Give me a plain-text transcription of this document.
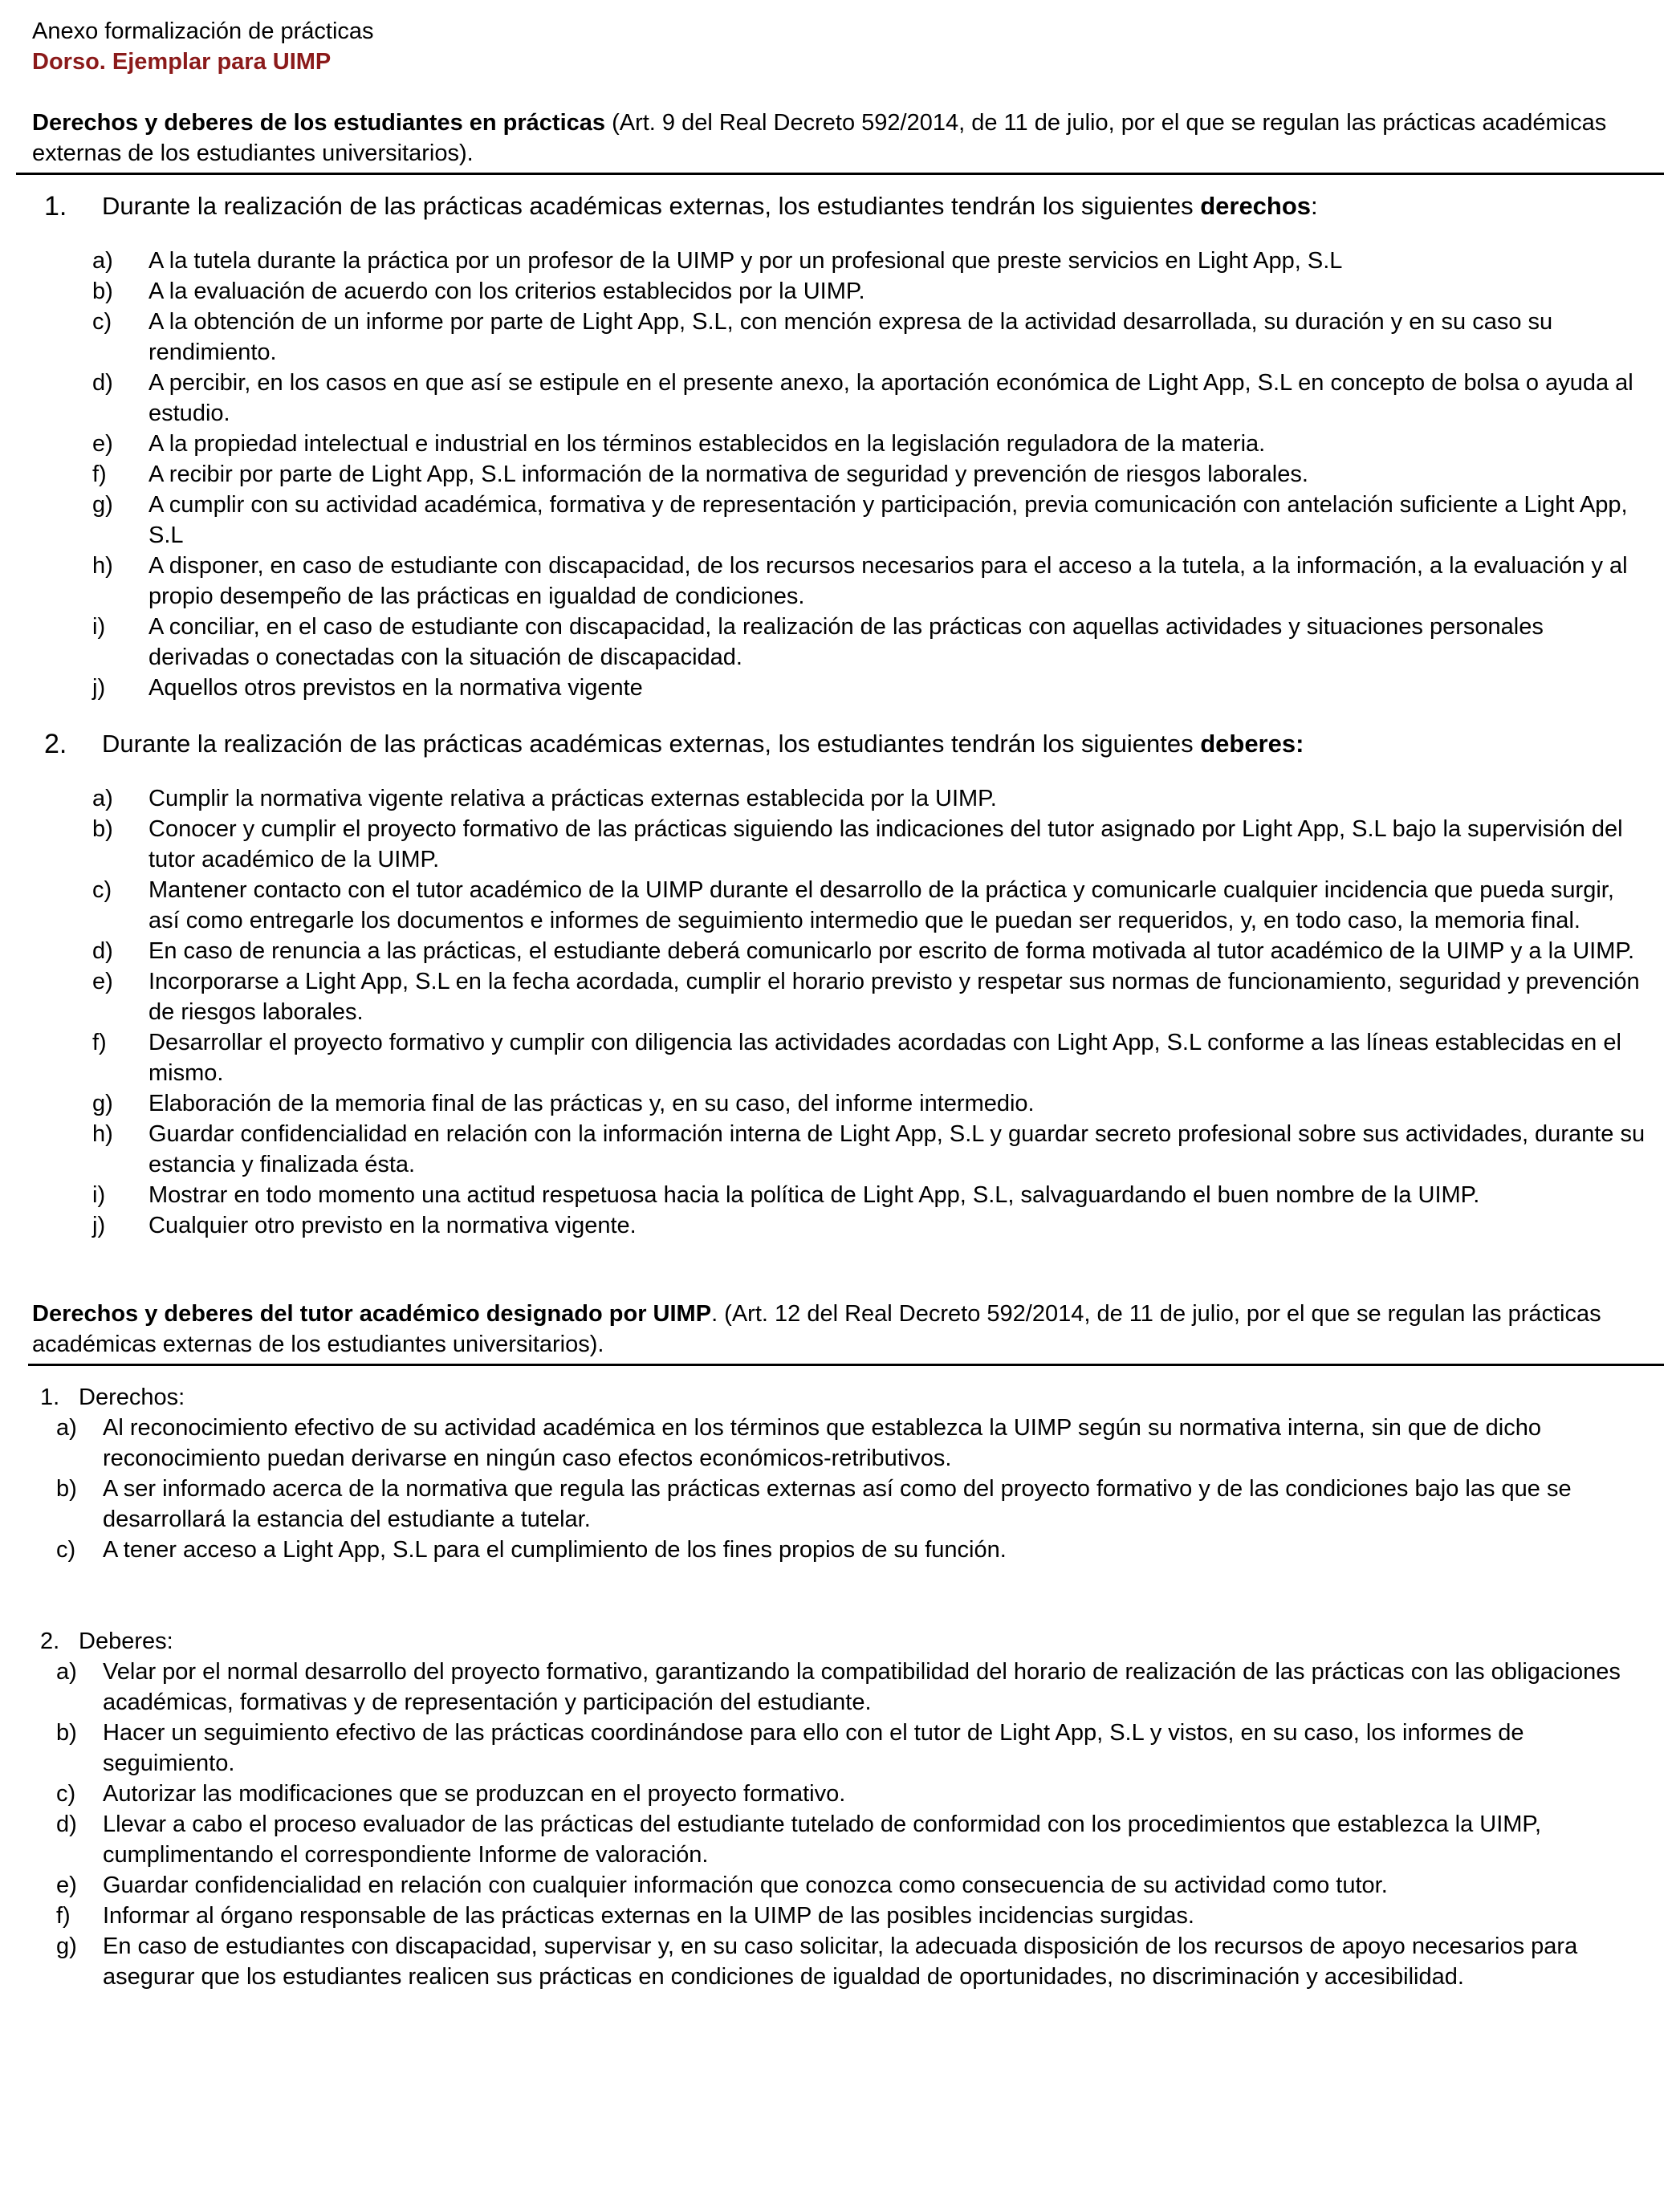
Anexo formalización de prácticas

Dorso. Ejemplar para UIMP

Derechos y deberes de los estudiantes en prácticas (Art. 9 del Real Decreto 592/2014, de 11 de julio, por el que se regulan las prácticas académicas externas de los estudiantes universitarios).

1.	Durante la realización de las prácticas académicas externas, los estudiantes tendrán los siguientes derechos:
a)	A la tutela durante la práctica por un profesor de la UIMP y por un profesional que preste servicios en Light App, S.L
b)	A la evaluación de acuerdo con los criterios establecidos por la UIMP.
c)	A la obtención de un informe por parte de Light App, S.L, con mención expresa de la actividad desarrollada, su duración y en su caso su rendimiento.
d)	A percibir, en los casos en que así se estipule en el presente anexo, la aportación económica de Light App, S.L en concepto de bolsa o ayuda al estudio.
e)	A la propiedad intelectual e industrial en los términos establecidos en la legislación reguladora de la materia.
f)	A recibir por parte de Light App, S.L información de la normativa de seguridad y prevención de riesgos laborales.
g)	A cumplir con su actividad académica, formativa y de representación y participación, previa comunicación con antelación suficiente a Light App, S.L
h)	A disponer, en caso de estudiante con discapacidad, de los recursos necesarios para el acceso a la tutela, a la información, a la evaluación y al propio desempeño de las prácticas en igualdad de condiciones.
i)	A conciliar, en el caso de estudiante con discapacidad, la realización de las prácticas con aquellas actividades y situaciones personales derivadas o conectadas con la situación de discapacidad.
j)	Aquellos otros previstos en la normativa vigente
2.	Durante la realización de las prácticas académicas externas, los estudiantes tendrán los siguientes deberes:
a)	Cumplir la normativa vigente relativa a prácticas externas establecida por la UIMP.
b)	Conocer y cumplir el proyecto formativo de las prácticas siguiendo las indicaciones del tutor asignado por Light App, S.L bajo la supervisión del tutor académico de la UIMP.
c)	Mantener contacto con el tutor académico de la UIMP durante el desarrollo de la práctica y comunicarle cualquier incidencia que pueda surgir, así como entregarle los documentos e informes de seguimiento intermedio que le puedan ser requeridos, y, en todo caso, la memoria final.
d)	En caso de renuncia a las prácticas, el estudiante deberá comunicarlo por escrito de forma motivada al tutor académico de la UIMP y a la UIMP.
e)	Incorporarse a Light App, S.L en la fecha acordada, cumplir el horario previsto y respetar sus normas de funcionamiento, seguridad y prevención de riesgos laborales.
f)	Desarrollar el proyecto formativo y cumplir con diligencia las actividades acordadas con Light App, S.L conforme a las líneas establecidas en el mismo.
g)	Elaboración de la memoria final de las prácticas y, en su caso, del informe intermedio.
h)	Guardar confidencialidad en relación con la información interna de Light App, S.L y guardar secreto profesional sobre sus actividades, durante su estancia y finalizada ésta.
i)	Mostrar en todo momento una actitud respetuosa hacia la política de Light App, S.L, salvaguardando el buen nombre de la UIMP.
j)	Cualquier otro previsto en la normativa vigente.

Derechos y deberes del tutor académico designado por UIMP. (Art. 12 del Real Decreto 592/2014, de 11 de julio, por el que se regulan las prácticas académicas externas de los estudiantes universitarios).

1. Derechos:
a)	Al reconocimiento efectivo de su actividad académica en los términos que establezca la UIMP según su normativa interna, sin que de dicho reconocimiento puedan derivarse en ningún caso efectos económicos-retributivos.
b)	A ser informado acerca de la normativa que regula las prácticas externas así como del proyecto formativo y de las condiciones bajo las que se desarrollará la estancia del estudiante a tutelar.
c)	A tener acceso a Light App, S.L para el cumplimiento de los fines propios de su función.
2. Deberes:
a)	Velar por el normal desarrollo del proyecto formativo, garantizando la compatibilidad del horario de realización de las prácticas con las obligaciones académicas, formativas y de representación y participación del estudiante.
b)	Hacer un seguimiento efectivo de las prácticas coordinándose para ello con el tutor de Light App, S.L y vistos, en su caso, los informes de seguimiento.
c)	Autorizar las modificaciones que se produzcan en el proyecto formativo.
d)	Llevar a cabo el proceso evaluador de las prácticas del estudiante tutelado de conformidad con los procedimientos que establezca la UIMP, cumplimentando el correspondiente Informe de valoración.
e)	Guardar confidencialidad en relación con cualquier información que conozca como consecuencia de su actividad como tutor.
f)	Informar al órgano responsable de las prácticas externas en la UIMP de las posibles incidencias surgidas.
g)	En caso de estudiantes con discapacidad, supervisar y, en su caso solicitar, la adecuada disposición de los recursos de apoyo necesarios para asegurar que los estudiantes realicen sus prácticas en condiciones de igualdad de oportunidades, no discriminación y accesibilidad.
